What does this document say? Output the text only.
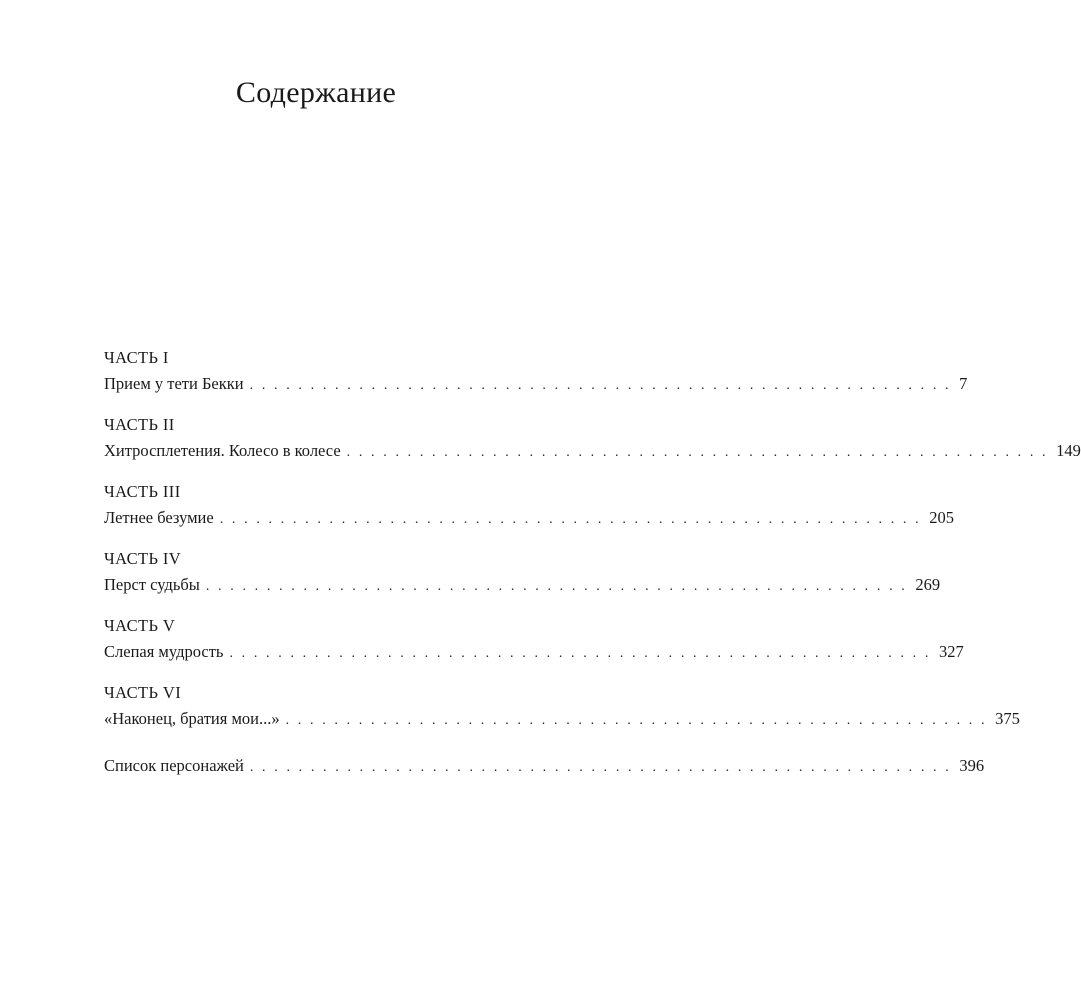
Содержание
ЧАСТЬ I
Прием у тети Бекки . . . . . . . . . . . . . . . . . . . . . . . . . . . . . . . . . . . . . . . . . . . . . . . . . . . . . . . . . . 7
ЧАСТЬ II
Хитросплетения. Колесо в колесе . . . . . . . . . . . . . . . . . . . . . . . . . . . . . . . . . . . . . . . . . . . . . . . . . . . . . . . . . . 149
ЧАСТЬ III
Летнее безумие . . . . . . . . . . . . . . . . . . . . . . . . . . . . . . . . . . . . . . . . . . . . . . . . . . . . . . . . . . 205
ЧАСТЬ IV
Перст судьбы . . . . . . . . . . . . . . . . . . . . . . . . . . . . . . . . . . . . . . . . . . . . . . . . . . . . . . . . . . 269
ЧАСТЬ V
Слепая мудрость . . . . . . . . . . . . . . . . . . . . . . . . . . . . . . . . . . . . . . . . . . . . . . . . . . . . . . . . . . 327
ЧАСТЬ VI
«Наконец, братия мои...» . . . . . . . . . . . . . . . . . . . . . . . . . . . . . . . . . . . . . . . . . . . . . . . . . . . . . . . . . . 375
Список персонажей . . . . . . . . . . . . . . . . . . . . . . . . . . . . . . . . . . . . . . . . . . . . . . . . . . . . . . . . . . 396
